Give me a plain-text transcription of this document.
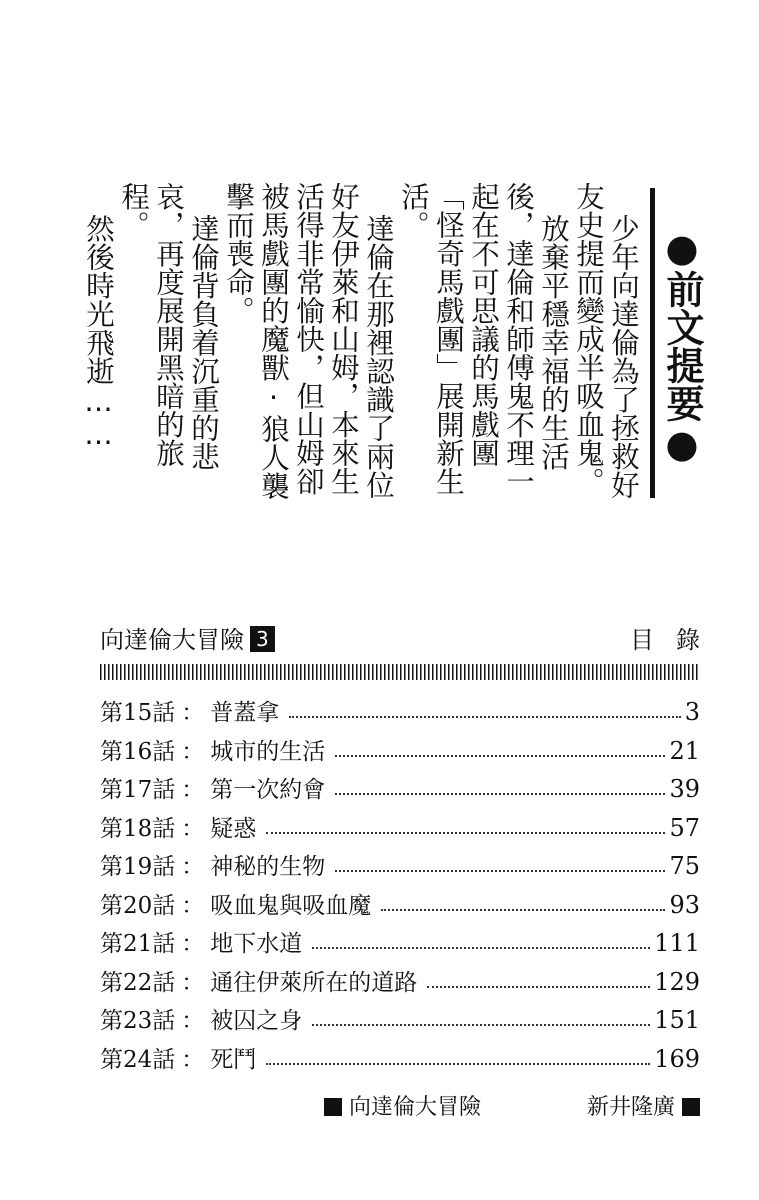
●前文提要●
少年向達倫為了拯救好
友史提而變成半吸血鬼。
放棄平穩幸福的生活
後，達倫和師傅鬼不理一
起在不可思議的馬戲團
「怪奇馬戲團」展開新生
活。
達倫在那裡認識了兩位
好友伊萊和山姆，本來生
活得非常愉快，但山姆卻
被馬戲團的魔獸‧狼人襲
擊而喪命。
達倫背負着沉重的悲
哀，再度展開黑暗的旅
程。
然後時光飛逝……
向達倫大冒險 3	目錄
第15話 ： 普蓋拿	3
第16話 ： 城市的生活	21
第17話 ： 第一次約會	39
第18話 ： 疑惑	57
第19話 ： 神秘的生物	75
第20話 ： 吸血鬼與吸血魔	93
第21話 ： 地下水道	111
第22話 ： 通往伊萊所在的道路	129
第23話 ： 被囚之身	151
第24話 ： 死鬥	169
向達倫大冒險	新井隆廣
